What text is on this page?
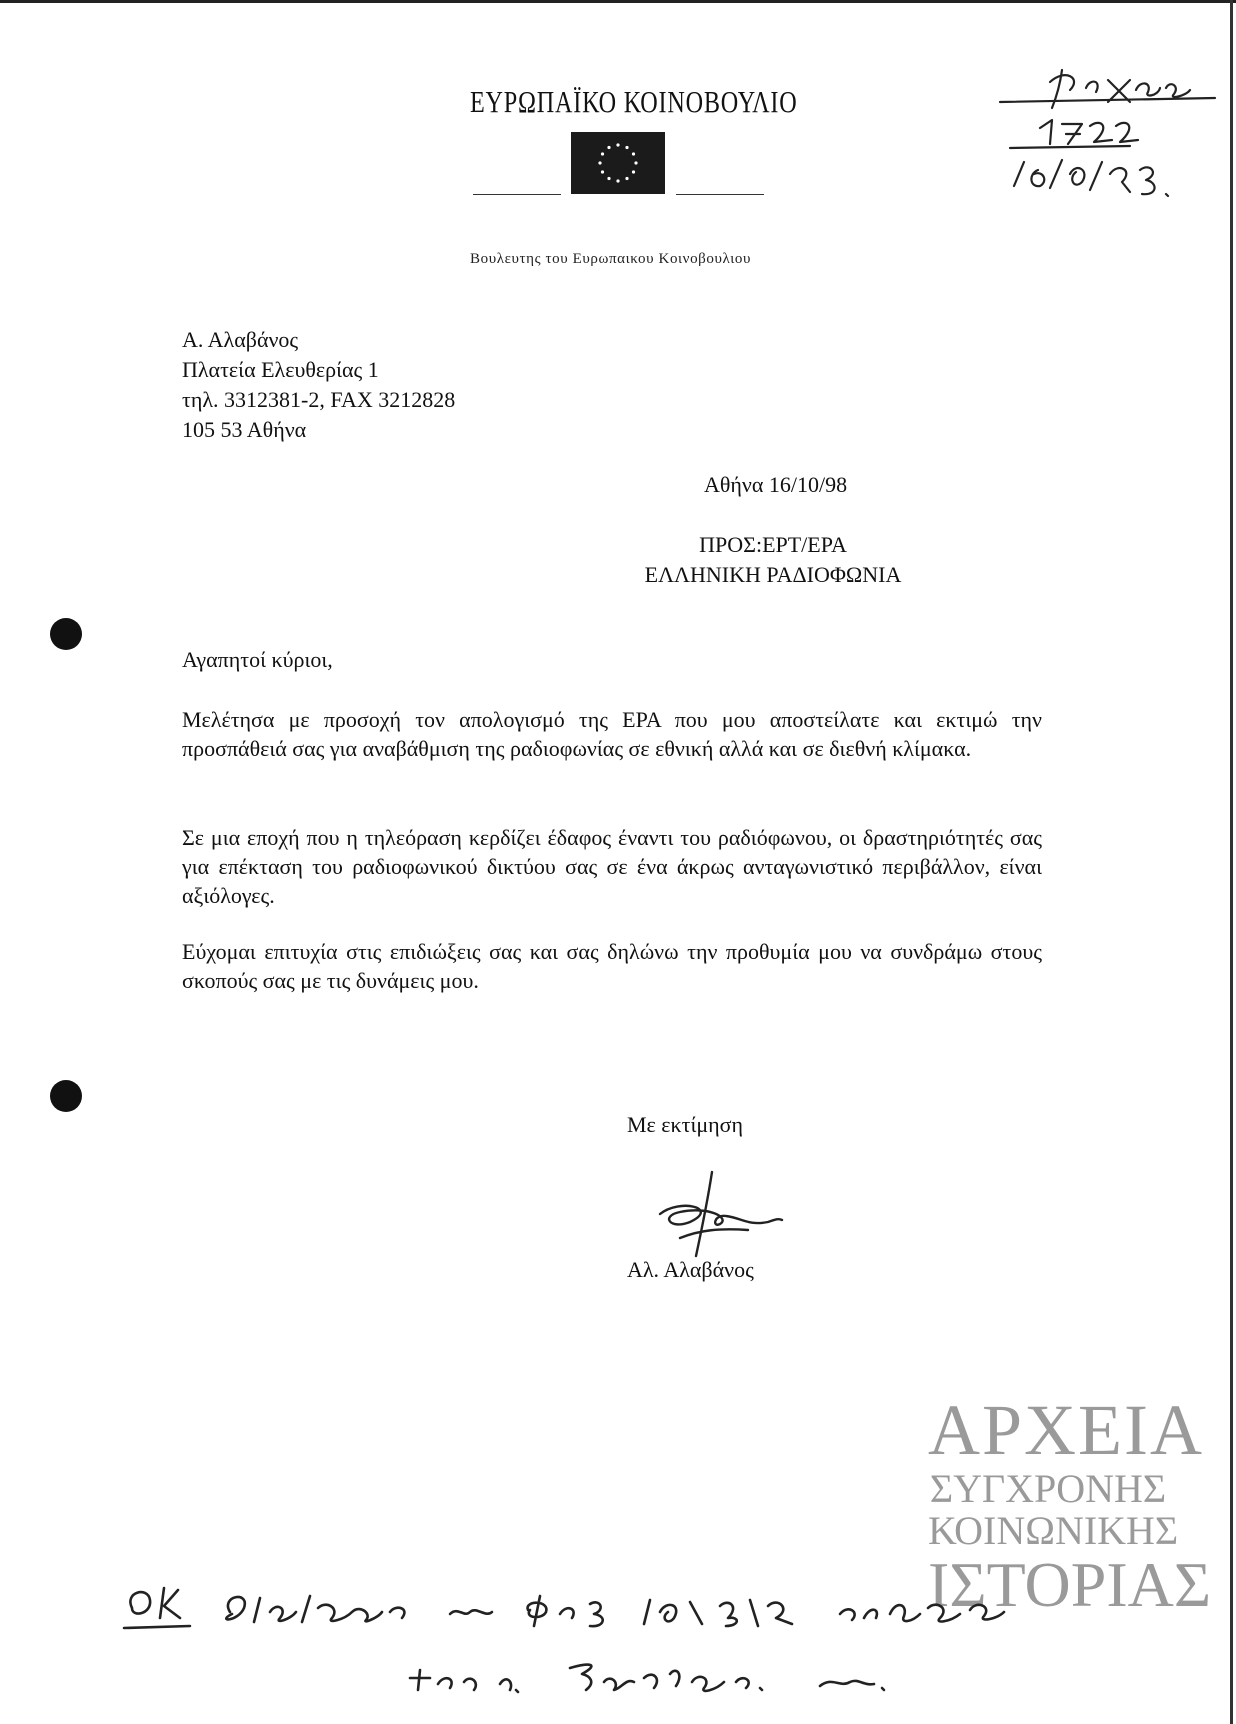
ΕΥΡΩΠΑΪΚΟ ΚΟΙΝΟΒΟΥΛΙΟ
Βουλευτης του Ευρωπαικου Κοινοβουλιου
Α. Αλαβάνος
Πλατεία Ελευθερίας 1
τηλ. 3312381-2, FAX 3212828
105 53 Αθήνα
Αθήνα 16/10/98
ΠΡΟΣ:ΕΡΤ/ΕΡΑ
ΕΛΛΗΝΙΚΗ ΡΑΔΙΟΦΩΝΙΑ
Αγαπητοί κύριοι,
Μελέτησα με προσοχή τον απολογισμό της ΕΡΑ που μου αποστείλατε και εκτιμώ την προσπάθειά σας για αναβάθμιση της ραδιοφωνίας σε εθνική αλλά και σε διεθνή κλίμακα.
Σε μια εποχή που η τηλεόραση κερδίζει έδαφος έναντι του ραδιόφωνου, οι δραστηριότητές σας για επέκταση του ραδιοφωνικού δικτύου σας σε ένα άκρως ανταγωνιστικό περιβάλλον, είναι αξιόλογες.
Εύχομαι επιτυχία στις επιδιώξεις σας και σας δηλώνω την προθυμία μου να συνδράμω στους σκοπούς σας με τις δυνάμεις μου.
Με εκτίμηση
Αλ. Αλαβάνος
ΑΡΧΕΙΑ
ΣΥΓΧΡΟΝΗΣ
ΚΟΙΝΩΝΙΚΗΣ
ΙΣΤΟΡΙΑΣ
